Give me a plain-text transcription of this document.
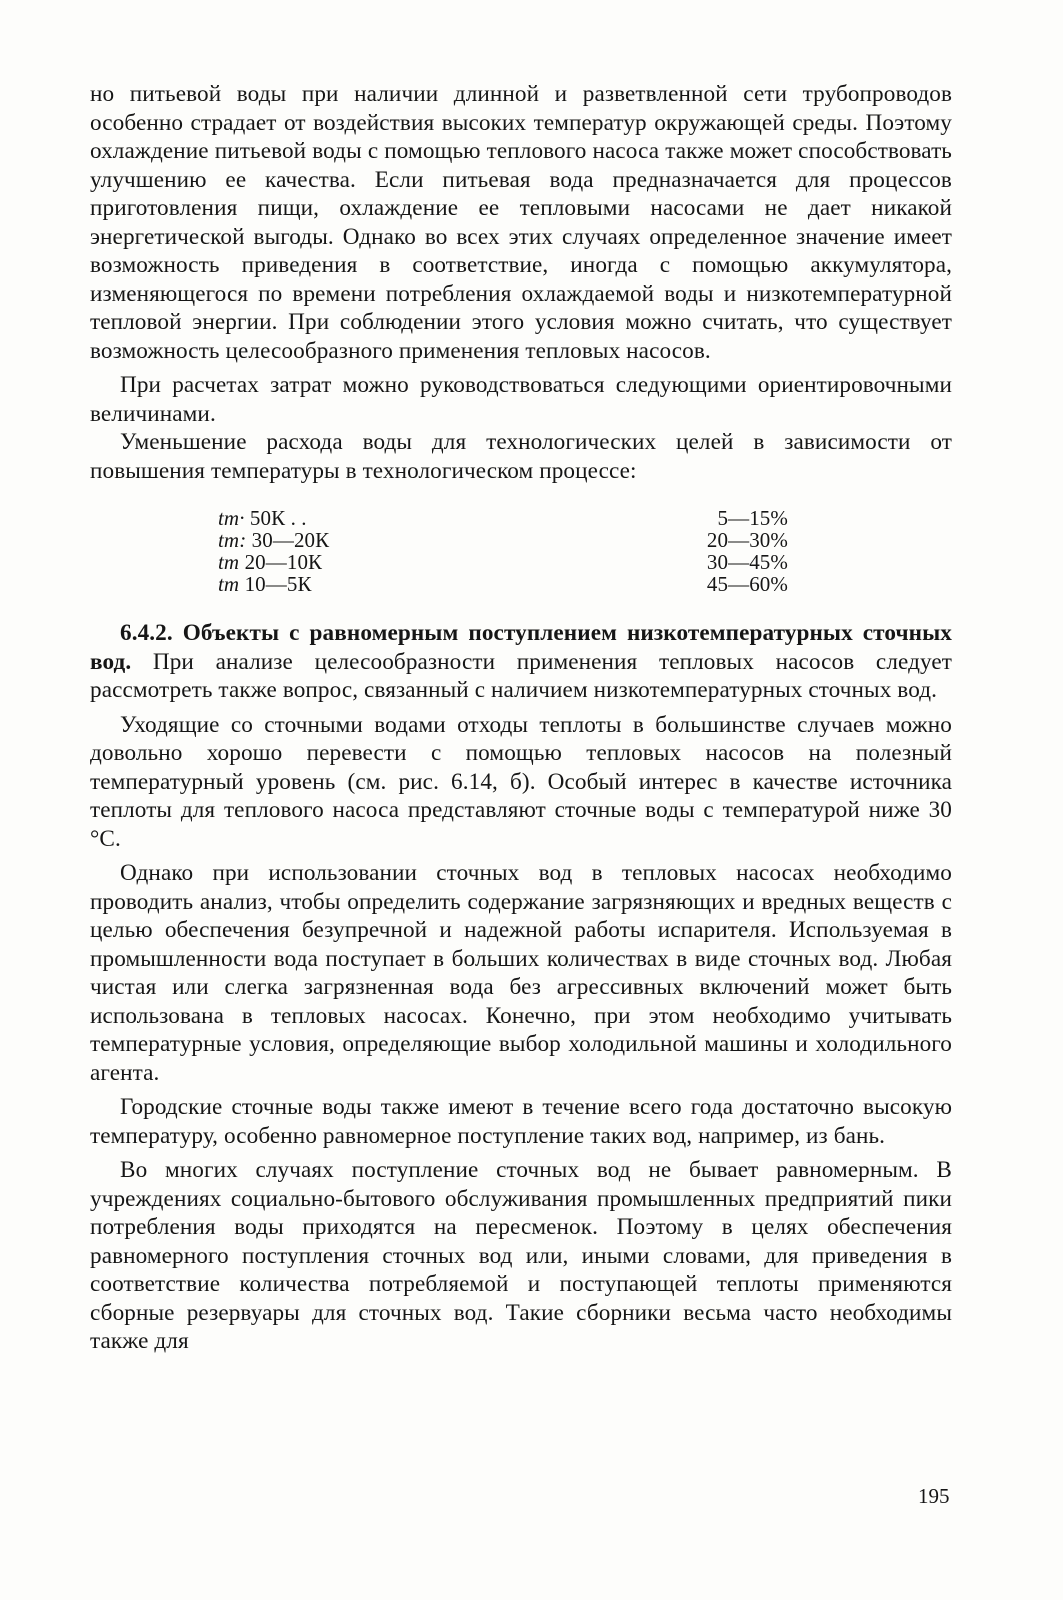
но питьевой воды при наличии длинной и разветвленной сети трубопроводов особенно страдает от воздействия высоких температур окружающей среды. Поэтому охлаждение питьевой воды с помощью теплового насоса также может способствовать улучшению ее качества. Если питьевая вода предназначается для процессов приготовления пищи, охлаждение ее тепловыми насосами не дает никакой энергетической выгоды. Однако во всех этих случаях определенное значение имеет возможность приведения в соответствие, иногда с помощью аккумулятора, изменяющегося по времени потребления охлаждаемой воды и низкотемпературной тепловой энергии. При соблюдении этого условия можно считать, что существует возможность целесообразного применения тепловых насосов.

При расчетах затрат можно руководствоваться следующими ориентировочными величинами.

Уменьшение расхода воды для технологических целей в зависимости от повышения температуры в технологическом процессе:

tт· 50К . .	5—15%
tт: 30—20К	20—30%
tт 20—10К	30—45%
tт 10—5К	45—60%

6.4.2. Объекты с равномерным поступлением низкотемпературных сточных вод. При анализе целесообразности применения тепловых насосов следует рассмотреть также вопрос, связанный с наличием низкотемпературных сточных вод.

Уходящие со сточными водами отходы теплоты в большинстве случаев можно довольно хорошо перевести с помощью тепловых насосов на полезный температурный уровень (см. рис. 6.14, б). Особый интерес в качестве источника теплоты для теплового насоса представляют сточные воды с температурой ниже 30 °С.

Однако при использовании сточных вод в тепловых насосах необходимо проводить анализ, чтобы определить содержание загрязняющих и вредных веществ с целью обеспечения безупречной и надежной работы испарителя. Используемая в промышленности вода поступает в больших количествах в виде сточных вод. Любая чистая или слегка загрязненная вода без агрессивных включений может быть использована в тепловых насосах. Конечно, при этом необходимо учитывать температурные условия, определяющие выбор холодильной машины и холодильного агента.

Городские сточные воды также имеют в течение всего года достаточно высокую температуру, особенно равномерное поступление таких вод, например, из бань.

Во многих случаях поступление сточных вод не бывает равномерным. В учреждениях социально-бытового обслуживания промышленных предприятий пики потребления воды приходятся на пересменок. Поэтому в целях обеспечения равномерного поступления сточных вод или, иными словами, для приведения в соответствие количества потребляемой и поступающей теплоты применяются сборные резервуары для сточных вод. Такие сборники весьма часто необходимы также для

195
